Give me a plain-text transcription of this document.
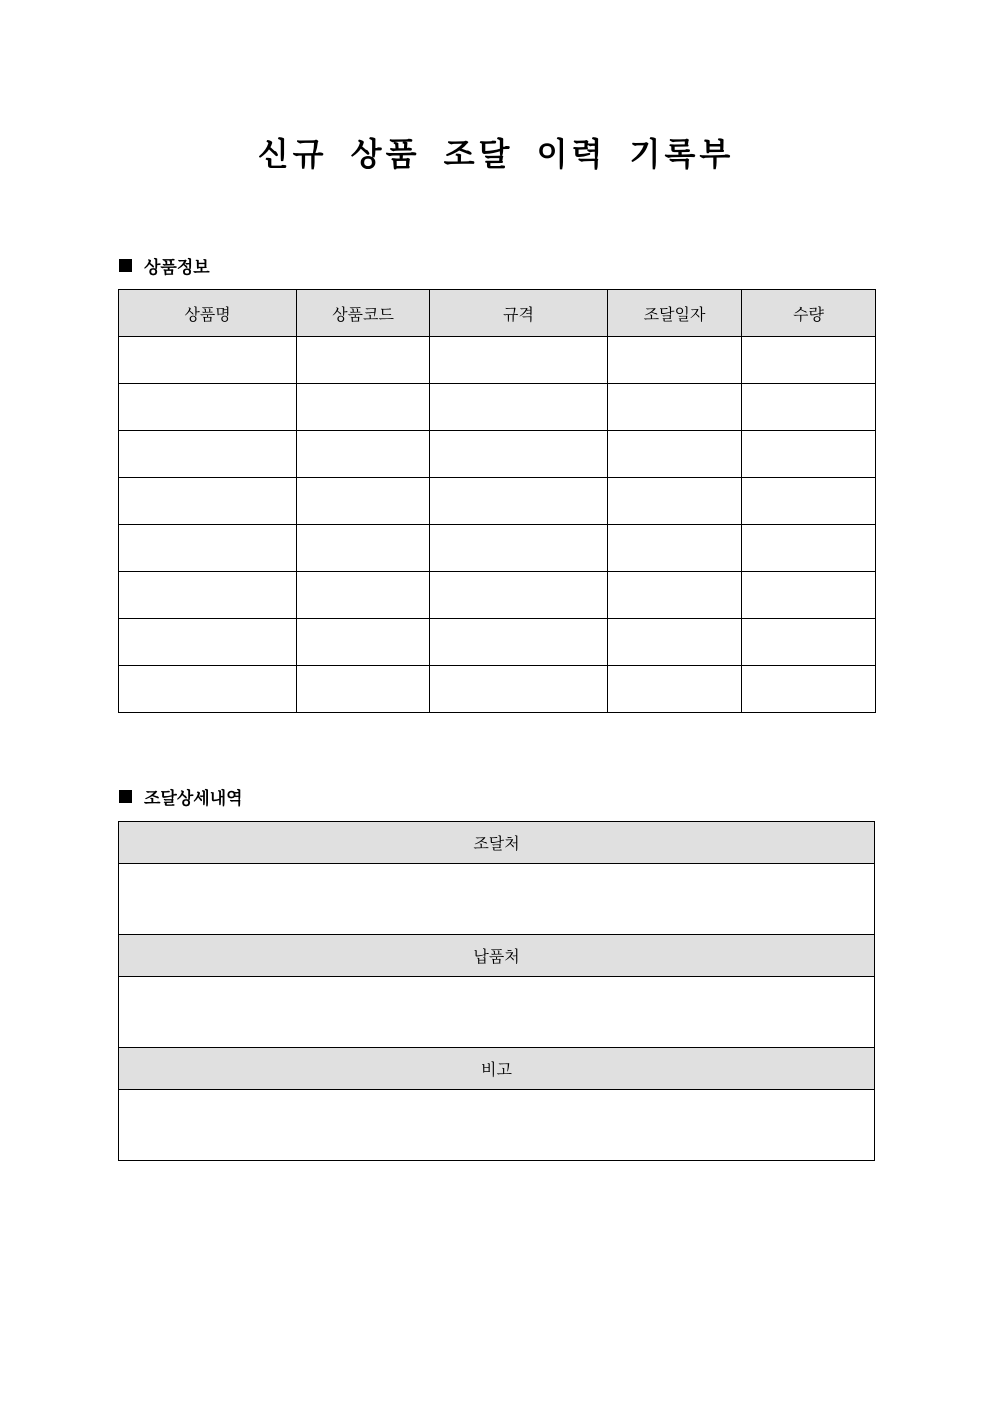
신규 상품 조달 이력 기록부
상품정보
상품명	상품코드	규격	조달일자	수량

조달상세내역
조달처

납품처

비고
